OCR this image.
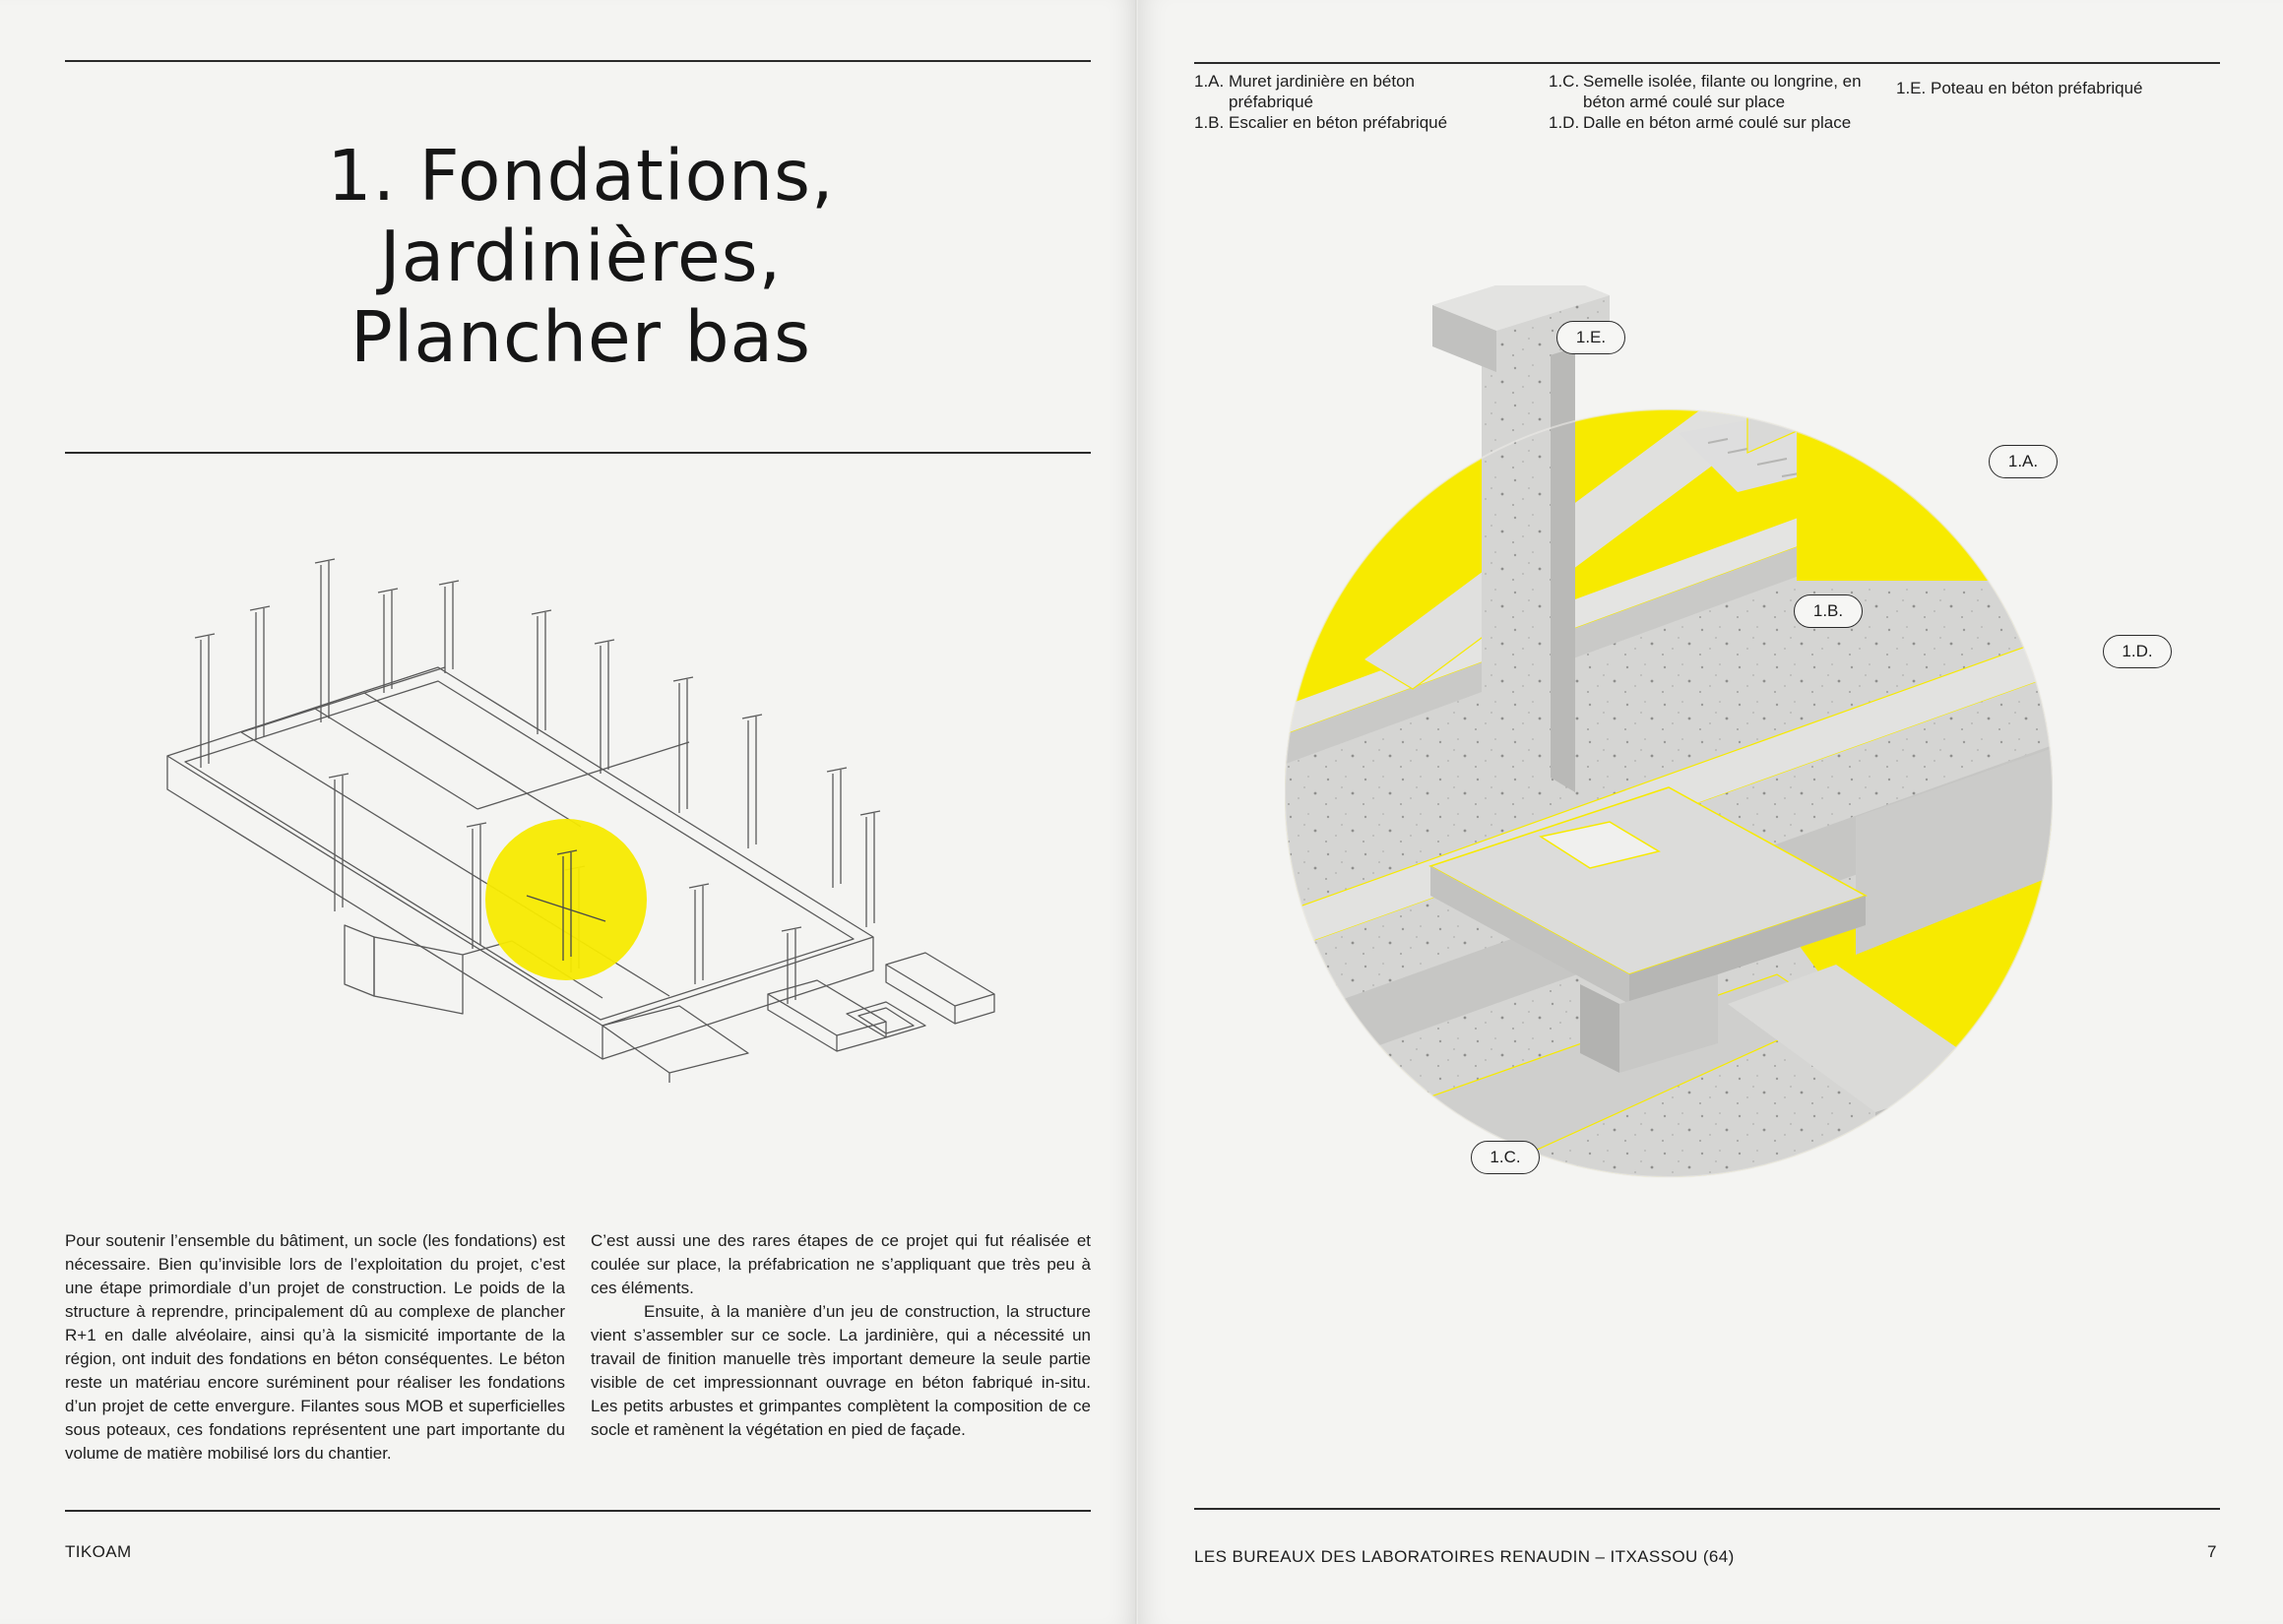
1. Fondations,
Jardinières,
Plancher bas

Pour soutenir l’ensemble du bâtiment, un socle (les fondations) est nécessaire. Bien qu’invisible lors de l’exploitation du projet, c’est une étape primordiale d’un projet de construction. Le poids de la structure à reprendre, principalement dû au complexe de plancher R+1 en dalle alvéolaire, ainsi qu’à la sismicité importante de la région, ont induit des fondations en béton conséquentes. Le béton reste un matériau encore suréminent pour réaliser les fondations d’un projet de cette envergure. Filantes sous MOB et superficielles sous poteaux, ces fondations représentent une part importante du volume de matière mobilisé lors du chantier.

C’est aussi une des rares étapes de ce projet qui fut réalisée et coulée sur place, la préfabrication ne s’appliquant que très peu à ces éléments.

Ensuite, à la manière d’un jeu de construction, la structure vient s’assembler sur ce socle. La jardinière, qui a nécessité un travail de finition manuelle très important demeure la seule partie visible de cet impressionnant ouvrage en béton fabriqué in-situ. Les petits arbustes et grimpantes complètent la composition de ce socle et ramènent la végétation en pied de façade.

TIKOAM
1.A. Muret jardinière en béton préfabriqué
1.B. Escalier en béton préfabriqué
1.C. Semelle isolée, filante ou longrine, en béton armé coulé sur place
1.D. Dalle en béton armé coulé sur place
1.E. Poteau en béton préfabriqué
LES BUREAUX DES LABORATOIRES RENAUDIN – ITXASSOU (64)	7
1.E.
1.A.
1.B.
1.D.
1.C.
